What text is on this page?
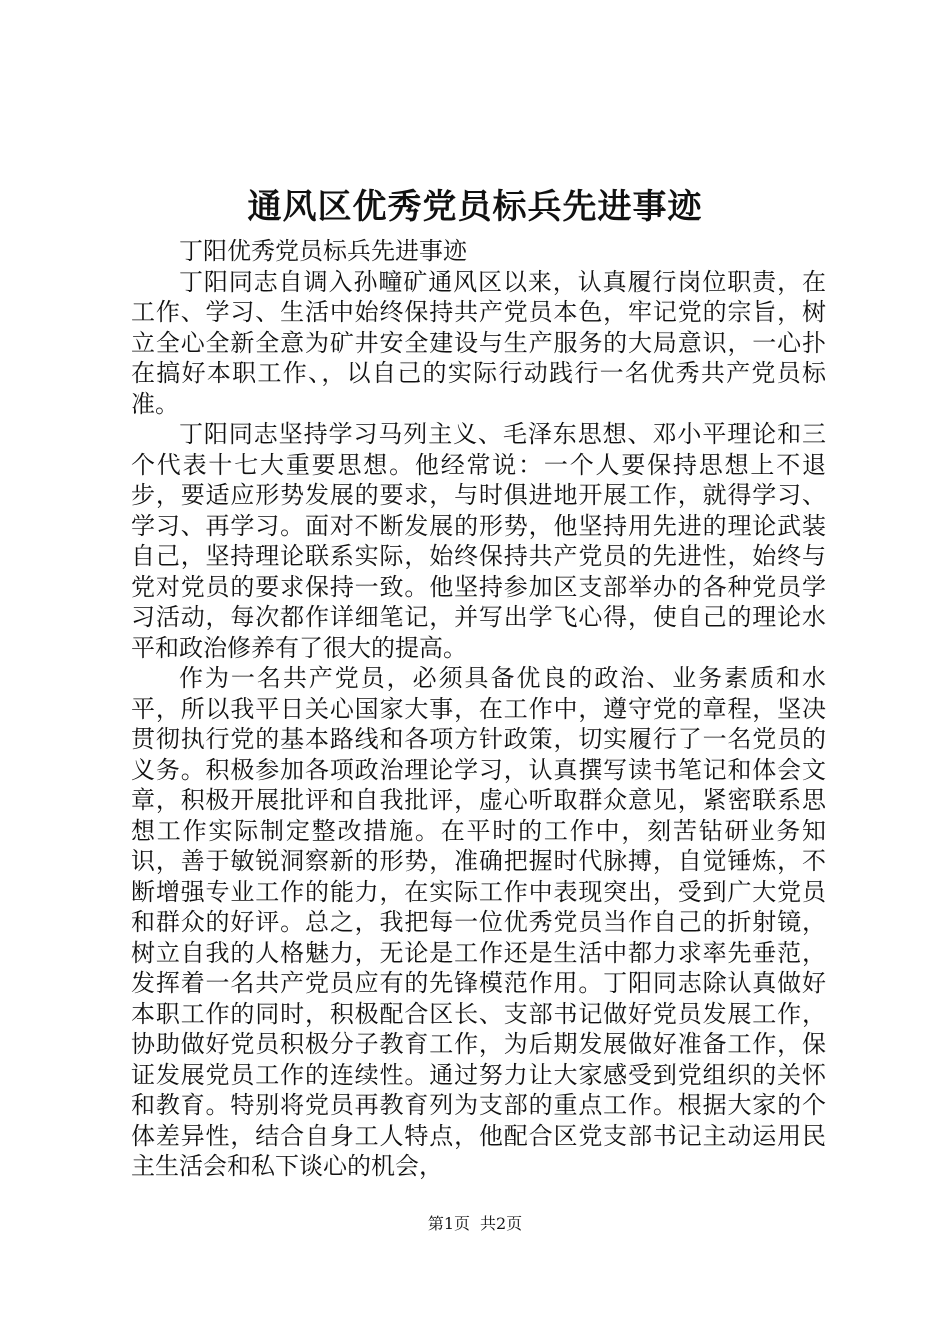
通风区优秀党员标兵先进事迹

丁阳优秀党员标兵先进事迹

丁阳同志自调入孙疃矿通风区以来，认真履行岗位职责，在工作、学习、生活中始终保持共产党员本色，牢记党的宗旨，树立全心全新全意为矿井安全建设与生产服务的大局意识，一心扑在搞好本职工作、，以自己的实际行动践行一名优秀共产党员标准。

丁阳同志坚持学习马列主义、毛泽东思想、邓小平理论和三个代表十七大重要思想。他经常说：一个人要保持思想上不退步，要适应形势发展的要求，与时俱进地开展工作，就得学习、学习、再学习。面对不断发展的形势，他坚持用先进的理论武装自己，坚持理论联系实际，始终保持共产党员的先进性，始终与党对党员的要求保持一致。他坚持参加区支部举办的各种党员学习活动，每次都作详细笔记，并写出学飞心得，使自己的理论水平和政治修养有了很大的提高。

作为一名共产党员，必须具备优良的政治、业务素质和水平，所以我平日关心国家大事，在工作中，遵守党的章程，坚决贯彻执行党的基本路线和各项方针政策，切实履行了一名党员的义务。积极参加各项政治理论学习，认真撰写读书笔记和体会文章，积极开展批评和自我批评，虚心听取群众意见，紧密联系思想工作实际制定整改措施。在平时的工作中，刻苦钻研业务知识，善于敏锐洞察新的形势，准确把握时代脉搏，自觉锤炼，不断增强专业工作的能力，在实际工作中表现突出，受到广大党员和群众的好评。总之，我把每一位优秀党员当作自己的折射镜，树立自我的人格魅力，无论是工作还是生活中都力求率先垂范，发挥着一名共产党员应有的先锋模范作用。丁阳同志除认真做好本职工作的同时，积极配合区长、支部书记做好党员发展工作，协助做好党员积极分子教育工作，为后期发展做好准备工作，保证发展党员工作的连续性。通过努力让大家感受到党组织的关怀和教育。特别将党员再教育列为支部的重点工作。根据大家的个体差异性，结合自身工人特点，他配合区党支部书记主动运用民主生活会和私下谈心的机会，

第1页 共2页
